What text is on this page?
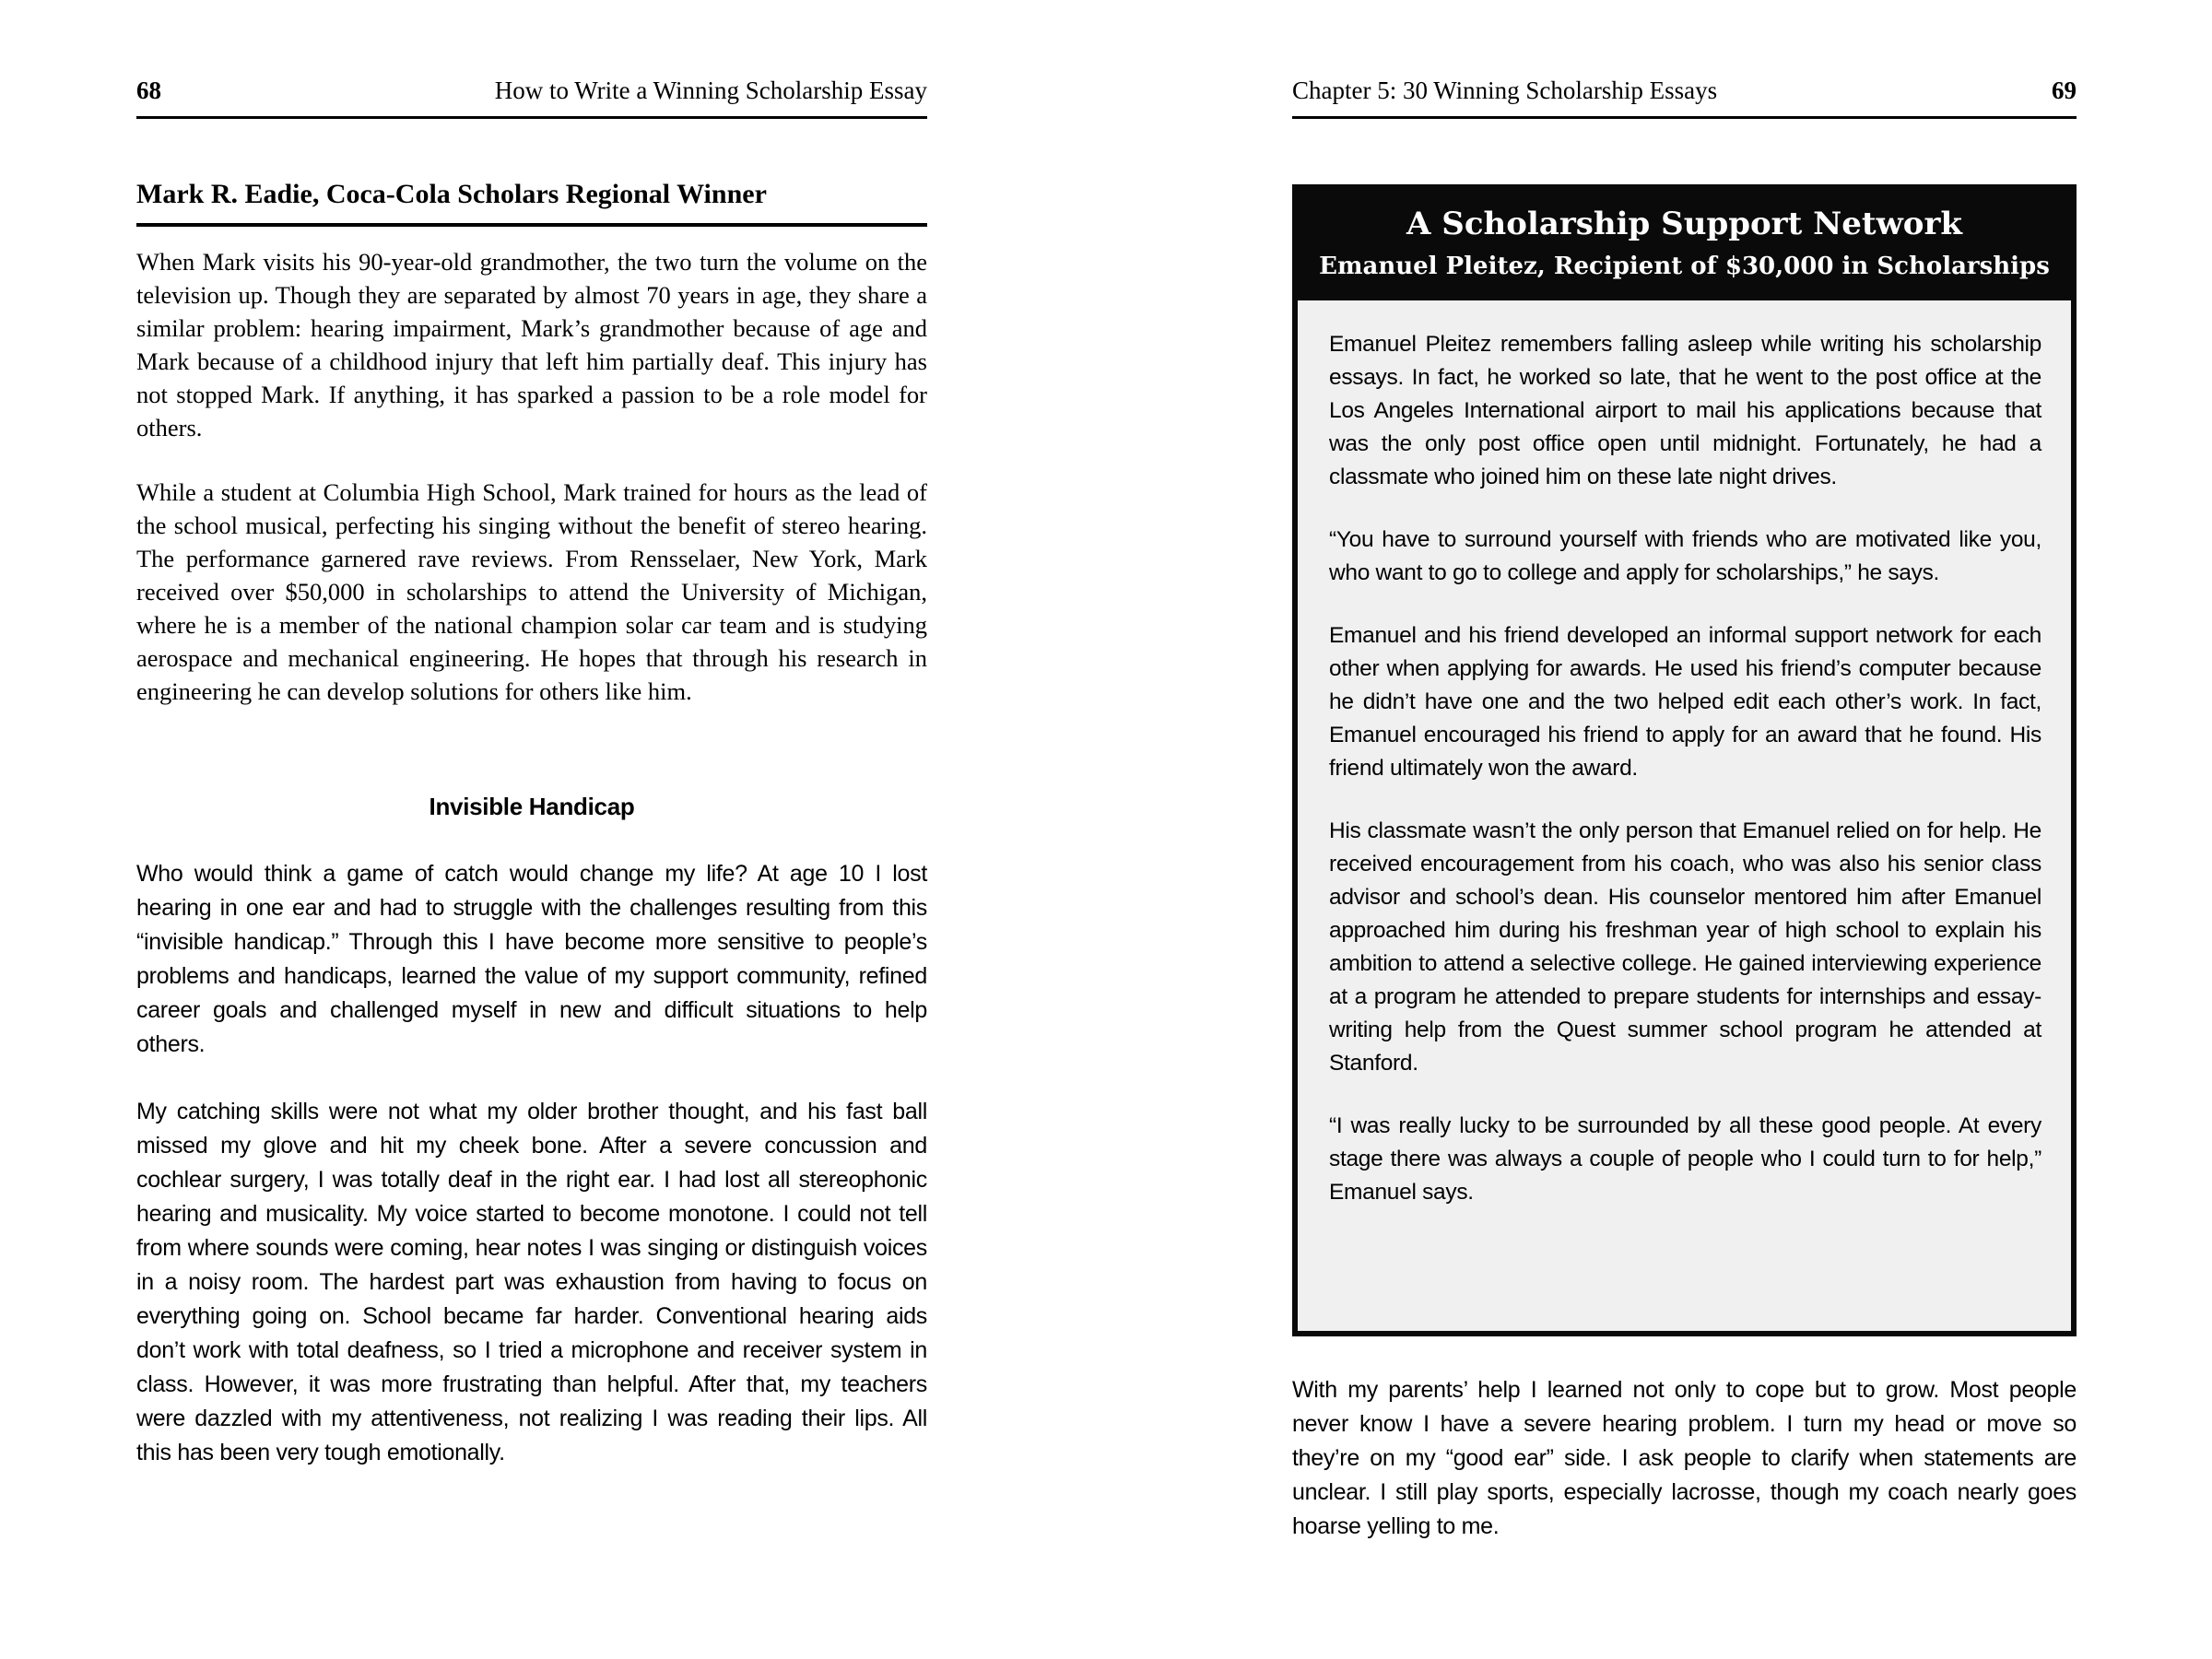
68	How to Write a Winning Scholarship Essay
Mark R. Eadie, Coca-Cola Scholars Regional Winner

When Mark visits his 90-year-old grandmother, the two turn the volume on the television up. Though they are separated by almost 70 years in age, they share a similar problem: hearing impairment, Mark’s grandmother because of age and Mark because of a childhood injury that left him partially deaf. This injury has not stopped Mark. If anything, it has sparked a passion to be a role model for others.

While a student at Columbia High School, Mark trained for hours as the lead of the school musical, perfecting his singing without the benefit of stereo hearing. The performance garnered rave reviews. From Rensselaer, New York, Mark received over $50,000 in scholarships to attend the University of Michigan, where he is a member of the national champion solar car team and is studying aerospace and mechanical engineering. He hopes that through his research in engineering he can develop solutions for others like him.

Invisible Handicap

Who would think a game of catch would change my life? At age 10 I lost hearing in one ear and had to struggle with the challenges resulting from this “invisible handicap.” Through this I have become more sensitive to people’s problems and handicaps, learned the value of my support community, refined career goals and challenged myself in new and difficult situations to help others.

My catching skills were not what my older brother thought, and his fast ball missed my glove and hit my cheek bone. After a severe concussion and cochlear surgery, I was totally deaf in the right ear. I had lost all stereophonic hearing and musicality. My voice started to become monotone. I could not tell from where sounds were coming, hear notes I was singing or distinguish voices in a noisy room. The hardest part was exhaustion from having to focus on everything going on. School became far harder. Conventional hearing aids don’t work with total deafness, so I tried a microphone and receiver system in class. However, it was more frustrating than helpful. After that, my teachers were dazzled with my attentiveness, not realizing I was reading their lips. All this has been very tough emotionally.

Chapter 5: 30 Winning Scholarship Essays	69
A Scholarship Support Network
Emanuel Pleitez, Recipient of $30,000 in Scholarships

Emanuel Pleitez remembers falling asleep while writing his scholarship essays. In fact, he worked so late, that he went to the post office at the Los Angeles International airport to mail his applications because that was the only post office open until midnight. Fortunately, he had a classmate who joined him on these late night drives.

“You have to surround yourself with friends who are motivated like you, who want to go to college and apply for scholarships,” he says.

Emanuel and his friend developed an informal support network for each other when applying for awards. He used his friend’s computer because he didn’t have one and the two helped edit each other’s work. In fact, Emanuel encouraged his friend to apply for an award that he found. His friend ultimately won the award.

His classmate wasn’t the only person that Emanuel relied on for help. He received encouragement from his coach, who was also his senior class advisor and school’s dean. His counselor mentored him after Emanuel approached him during his freshman year of high school to explain his ambition to attend a selective college. He gained interviewing experience at a program he attended to prepare students for internships and essay-writing help from the Quest summer school program he attended at Stanford.

“I was really lucky to be surrounded by all these good people. At every stage there was always a couple of people who I could turn to for help,” Emanuel says.

With my parents’ help I learned not only to cope but to grow. Most people never know I have a severe hearing problem. I turn my head or move so they’re on my “good ear” side. I ask people to clarify when statements are unclear. I still play sports, especially lacrosse, though my coach nearly goes hoarse yelling to me.
